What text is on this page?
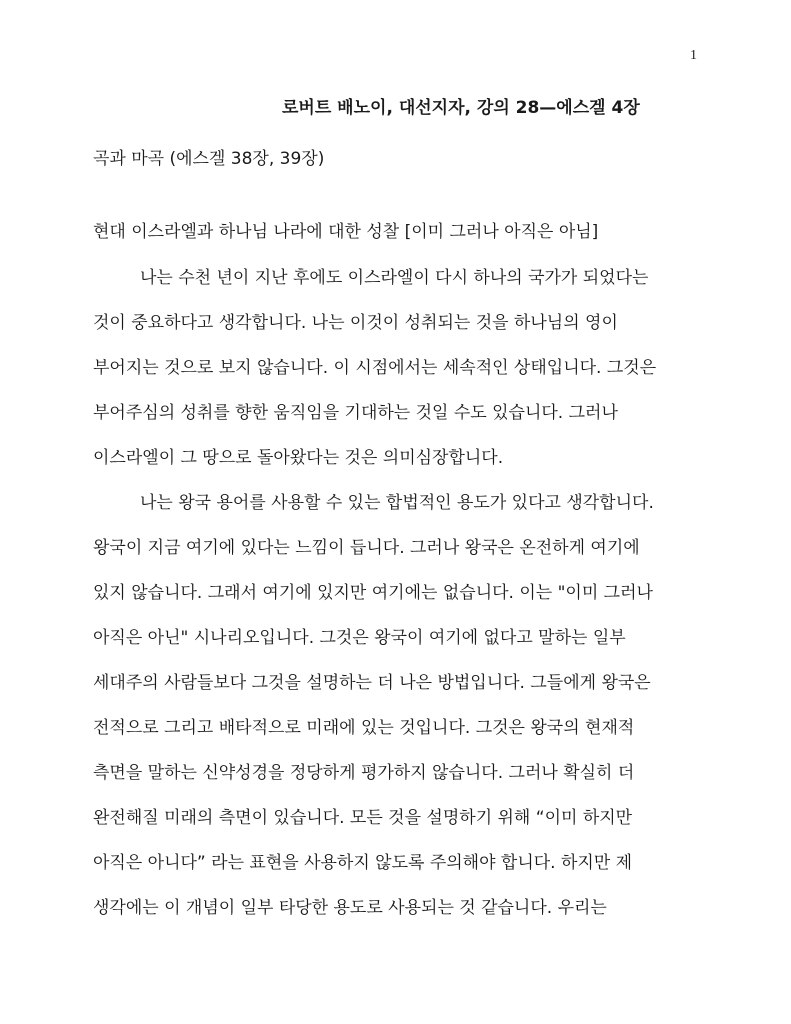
1
로버트 배노이, 대선지자, 강의 28—에스겔 4장
곡과 마곡 (에스겔 38장, 39장)
현대 이스라엘과 하나님 나라에 대한 성찰 [이미 그러나 아직은 아님]
나는 수천 년이 지난 후에도 이스라엘이 다시 하나의 국가가 되었다는
것이 중요하다고 생각합니다. 나는 이것이 성취되는 것을 하나님의 영이
부어지는 것으로 보지 않습니다. 이 시점에서는 세속적인 상태입니다. 그것은
부어주심의 성취를 향한 움직임을 기대하는 것일 수도 있습니다. 그러나
이스라엘이 그 땅으로 돌아왔다는 것은 의미심장합니다.
나는 왕국 용어를 사용할 수 있는 합법적인 용도가 있다고 생각합니다.
왕국이 지금 여기에 있다는 느낌이 듭니다. 그러나 왕국은 온전하게 여기에
있지 않습니다. 그래서 여기에 있지만 여기에는 없습니다. 이는 "이미 그러나
아직은 아닌" 시나리오입니다. 그것은 왕국이 여기에 없다고 말하는 일부
세대주의 사람들보다 그것을 설명하는 더 나은 방법입니다. 그들에게 왕국은
전적으로 그리고 배타적으로 미래에 있는 것입니다. 그것은 왕국의 현재적
측면을 말하는 신약성경을 정당하게 평가하지 않습니다. 그러나 확실히 더
완전해질 미래의 측면이 있습니다. 모든 것을 설명하기 위해 “이미 하지만
아직은 아니다” 라는 표현을 사용하지 않도록 주의해야 합니다. 하지만 제
생각에는 이 개념이 일부 타당한 용도로 사용되는 것 같습니다. 우리는
